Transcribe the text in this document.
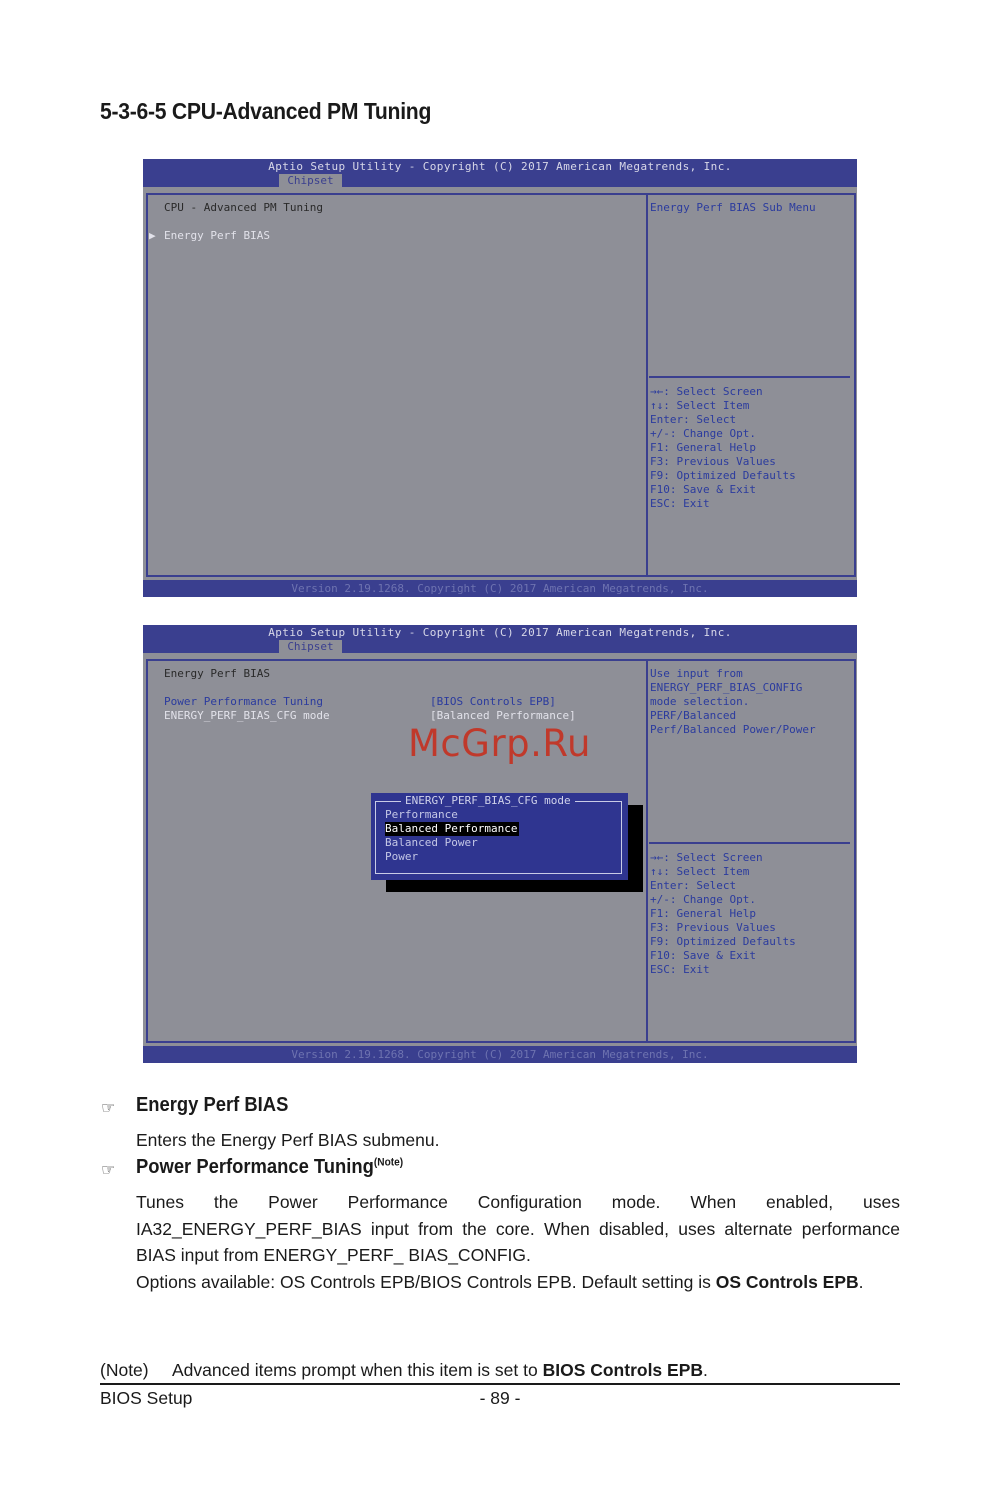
5-3-6-5 CPU-Advanced PM Tuning
Aptio Setup Utility - Copyright (C) 2017 American Megatrends, Inc.
Chipset
CPU - Advanced PM Tuning
▶ Energy Perf BIAS
Energy Perf BIAS Sub Menu
→←: Select Screen
↑↓: Select Item
Enter: Select
+/-: Change Opt.
F1: General Help
F3: Previous Values
F9: Optimized Defaults
F10: Save & Exit
ESC: Exit
Version 2.19.1268. Copyright (C) 2017 American Megatrends, Inc.
Aptio Setup Utility - Copyright (C) 2017 American Megatrends, Inc.
Chipset
Energy Perf BIAS
Power Performance Tuning	[BIOS Controls EPB]
ENERGY_PERF_BIAS_CFG mode	[Balanced Performance]
Use input from
ENERGY_PERF_BIAS_CONFIG
mode selection.
PERF/Balanced
Perf/Balanced Power/Power
ENERGY_PERF_BIAS_CFG mode
Performance
Balanced Performance
Balanced Power
Power	→←: Select Screen
↑↓: Select Item
Enter: Select
+/-: Change Opt.
F1: General Help
F3: Previous Values
F9: Optimized Defaults
F10: Save & Exit
ESC: Exit
Version 2.19.1268. Copyright (C) 2017 American Megatrends, Inc.
McGrp.Ru
☞ Energy Perf BIAS
Enters the Energy Perf BIAS submenu.
☞ Power Performance Tuning$^{(Note)}$
Tunes the Power Performance Configuration mode. When enabled, uses IA32_ENERGY_PERF_BIAS input from the core. When disabled, uses alternate performance BIAS input from ENERGY_PERF_ BIAS_CONFIG.
Options available: OS Controls EPB/BIOS Controls EPB. Default setting is OS Controls EPB.
(Note) Advanced items prompt when this item is set to BIOS Controls EPB.
BIOS Setup	- 89 -
